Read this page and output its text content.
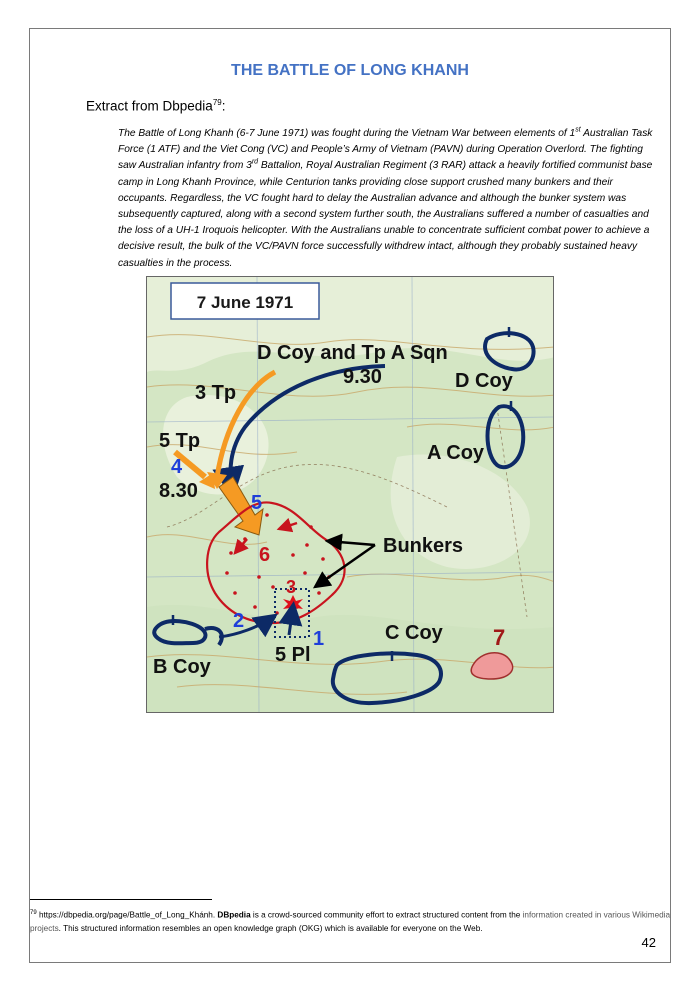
THE BATTLE OF LONG KHANH
Extract from Dbpedia$^{79}$:
The Battle of Long Khanh (6-7 June 1971) was fought during the Vietnam War between elements of 1st Australian Task Force (1 ATF) and the Viet Cong (VC) and People’s Army of Vietnam (PAVN) during Operation Overlord. The fighting saw Australian infantry from 3rd Battalion, Royal Australian Regiment (3 RAR) attack a heavily fortified communist base camp in Long Khanh Province, while Centurion tanks providing close support crushed many bunkers and their occupants. Regardless, the VC fought hard to delay the Australian advance and although the bunker system was subsequently captured, along with a second system further south, the Australians suffered a number of casualties and the loss of a UH-1 Iroquois helicopter. With the Australians unable to concentrate sufficient combat power to achieve a decisive result, the bulk of the VC/PAVN force successfully withdrew intact, although they probably sustained heavy casualties in the process.
7 June 1971
D Coy and Tp A Sqn
9.30
3 Tp
D Coy
5 Tp
A Coy
4
8.30
5
Bunkers
6
3
2
1	C Coy 7
5 Pl
B Coy
$^{79}$ https://dbpedia.org/page/Battle_of_Long_Khánh. DBpedia is a crowd-sourced community effort to extract structured content from the information created in various Wikimedia projects. This structured information resembles an open knowledge graph (OKG) which is available for everyone on the Web.
42
